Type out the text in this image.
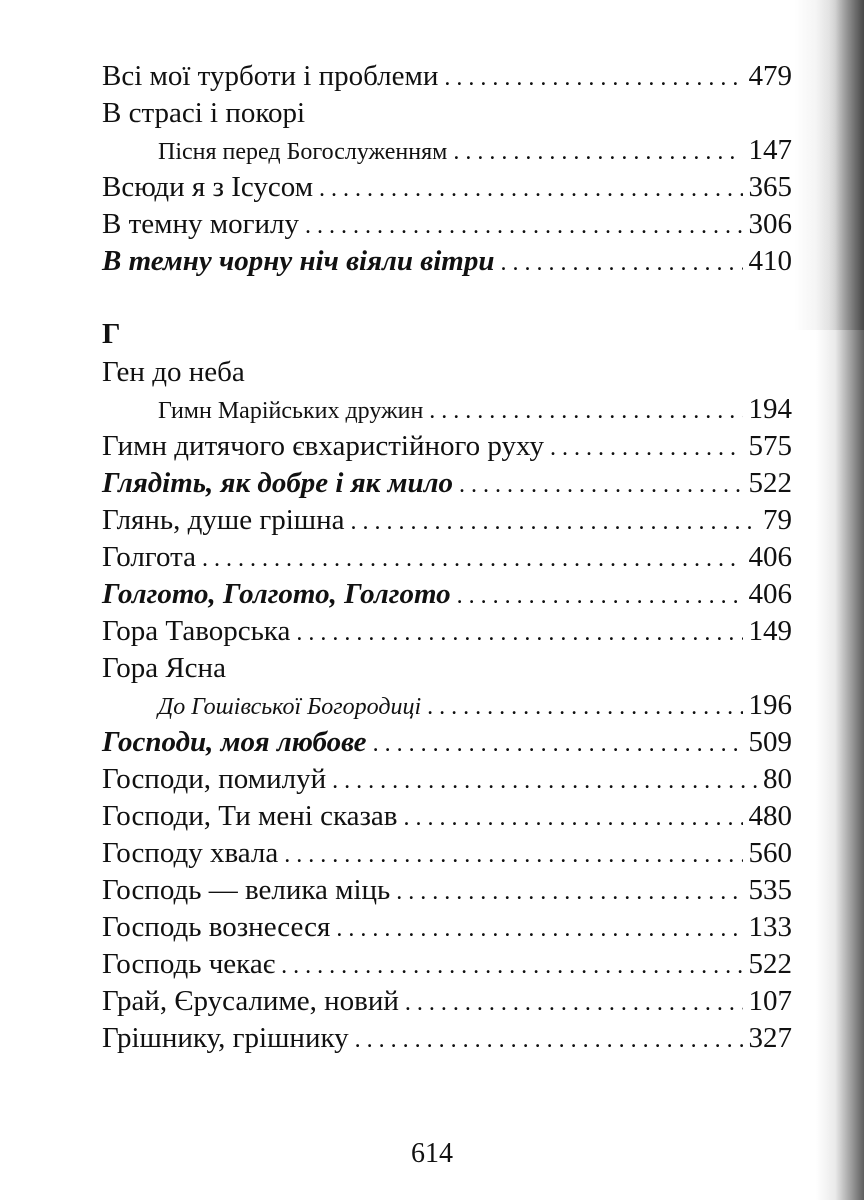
Всі мої турботи і проблеми . . .	479
В страсі і покорі
Пісня перед Богослуженням . . .	147
Всюди я з Ісусом . . .	365
В темну могилу . . .	306
В темну чорну ніч віяли вітри . . .	410
Г
Ген до неба
Гимн Марійських дружин . . .	194
Гимн дитячого євхаристійного руху . . .	575
Глядіть, як добре і як мило . . .	522
Глянь, душе грішна . . .	79
Голгота . . .	406
Голгото, Голгото, Голгото . . .	406
Гора Таворська . . .	149
Гора Ясна
До Гошівської Богородиці . . .	196
Господи, моя любове . . .	509
Господи, помилуй . . .	80
Господи, Ти мені сказав . . .	480
Господу хвала . . .	560
Господь — велика міць . . .	535
Господь вознесеся . . .	133
Господь чекає . . .	522
Грай, Єрусалиме, новий . . .	107
Грішнику, грішнику . . .	327
614
